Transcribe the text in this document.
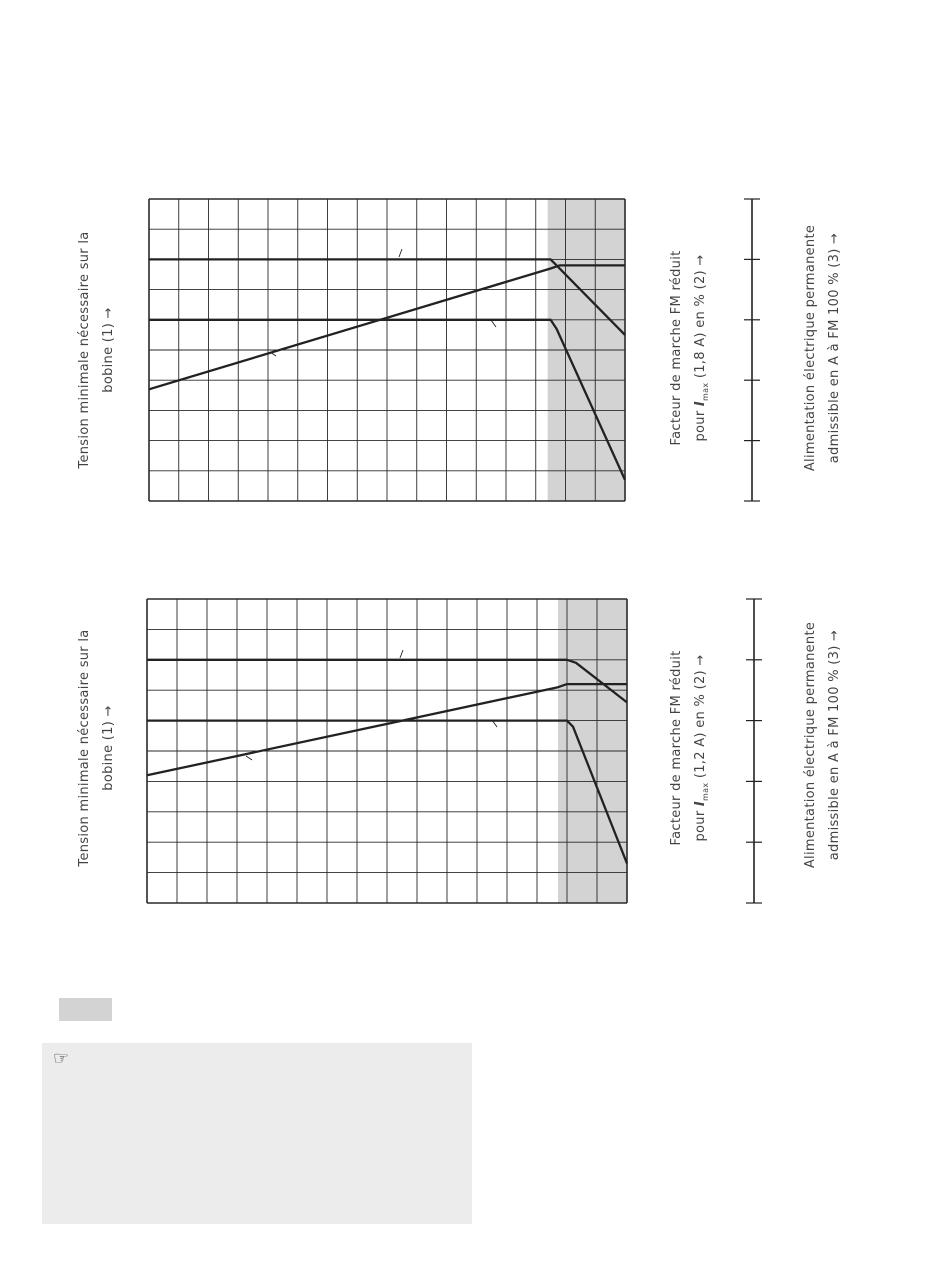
Tension minimale nécessaire sur la bobine (1) →	Facteur de marche FM réduit pour $I_{max}$ (1,8 A) en % (2) →	Alimentation électrique permanente admissible en A à FM 100 % (3) →
Tension minimale nécessaire sur la bobine (1) →	Facteur de marche FM réduit pour $I_{max}$ (1,2 A) en % (2) →	Alimentation électrique permanente admissible en A à FM 100 % (3) →
☞
